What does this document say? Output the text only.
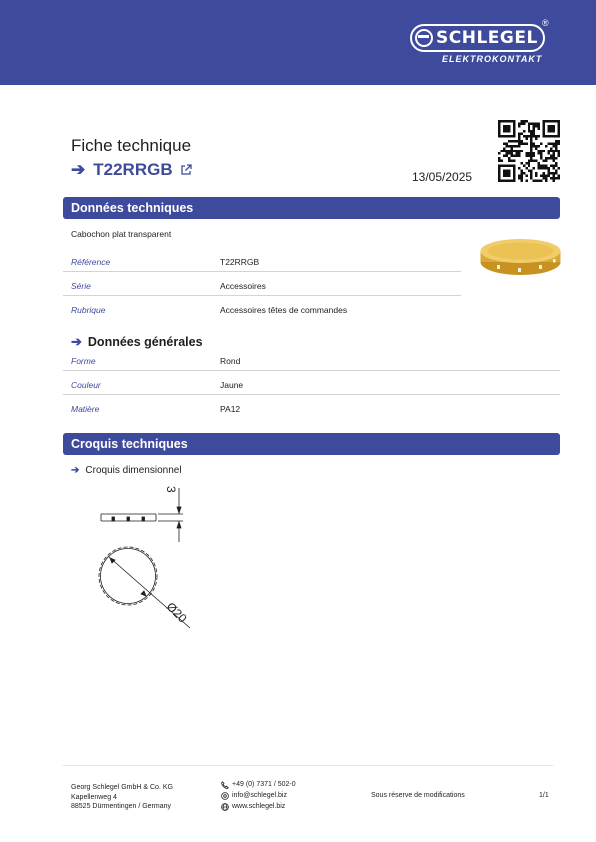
SCHLEGEL
®
ELEKTROKONTAKT
Fiche technique
➔ T22RRGB	13/05/2025
Données techniques
Cabochon plat transparent
Référence	T22RRGB
Série	Accessoires
Rubrique	Accessoires têtes de commandes
➔ Données générales
Forme	Rond
Couleur	Jaune
Matière	PA12
Croquis techniques
➔ Croquis dimensionnel
3
Ø20
Georg Schlegel GmbH & Co. KG
Kapellenweg 4
88525 Dürmentingen / Germany
+49 (0) 7371 / 502-0
info@schlegel.biz
www.schlegel.biz
Sous réserve de modifications	1/1
